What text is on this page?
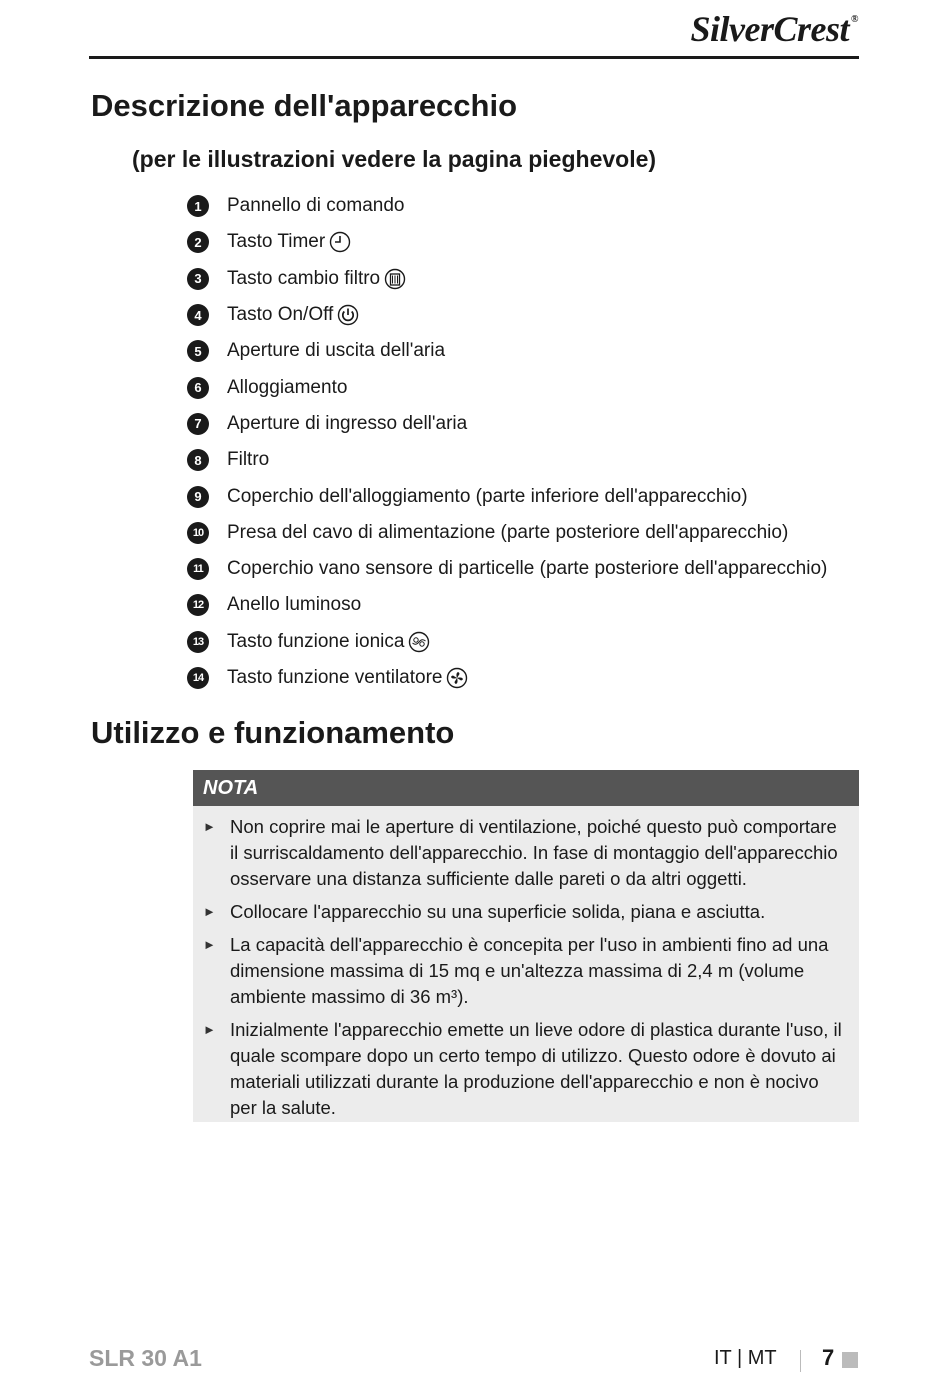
SilverCrest ®
Descrizione dell'apparecchio
(per le illustrazioni vedere la pagina pieghevole)
1	Pannello di comando
2	Tasto Timer
3	Tasto cambio filtro
4	Tasto On/Off
5	Aperture di uscita dell'aria
6	Alloggiamento
7	Aperture di ingresso dell'aria
8	Filtro
9	Coperchio dell'alloggiamento (parte inferiore dell'apparecchio)
10	Presa del cavo di alimentazione (parte posteriore dell'apparecchio)
11	Coperchio vano sensore di particelle (parte posteriore dell'apparecchio)
12	Anello luminoso
13	Tasto funzione ionica
14	Tasto funzione ventilatore
Utilizzo e funzionamento
NOTA
► Non coprire mai le aperture di ventilazione, poiché questo può comportare il surriscaldamento dell'apparecchio. In fase di montaggio dell'apparecchio osservare una distanza sufficiente dalle pareti o da altri oggetti.
► Collocare l'apparecchio su una superficie solida, piana e asciutta.
► La capacità dell'apparecchio è concepita per l'uso in ambienti fino ad una dimensione massima di 15 mq e un'altezza massima di 2,4 m (volume ambiente massimo di 36 m³).
► Inizialmente l'apparecchio emette un lieve odore di plastica durante l'uso, il quale scompare dopo un certo tempo di utilizzo. Questo odore è dovuto ai materiali utilizzati durante la produzione dell'apparecchio e non è nocivo per la salute.
SLR 30 A1	IT | MT 7
